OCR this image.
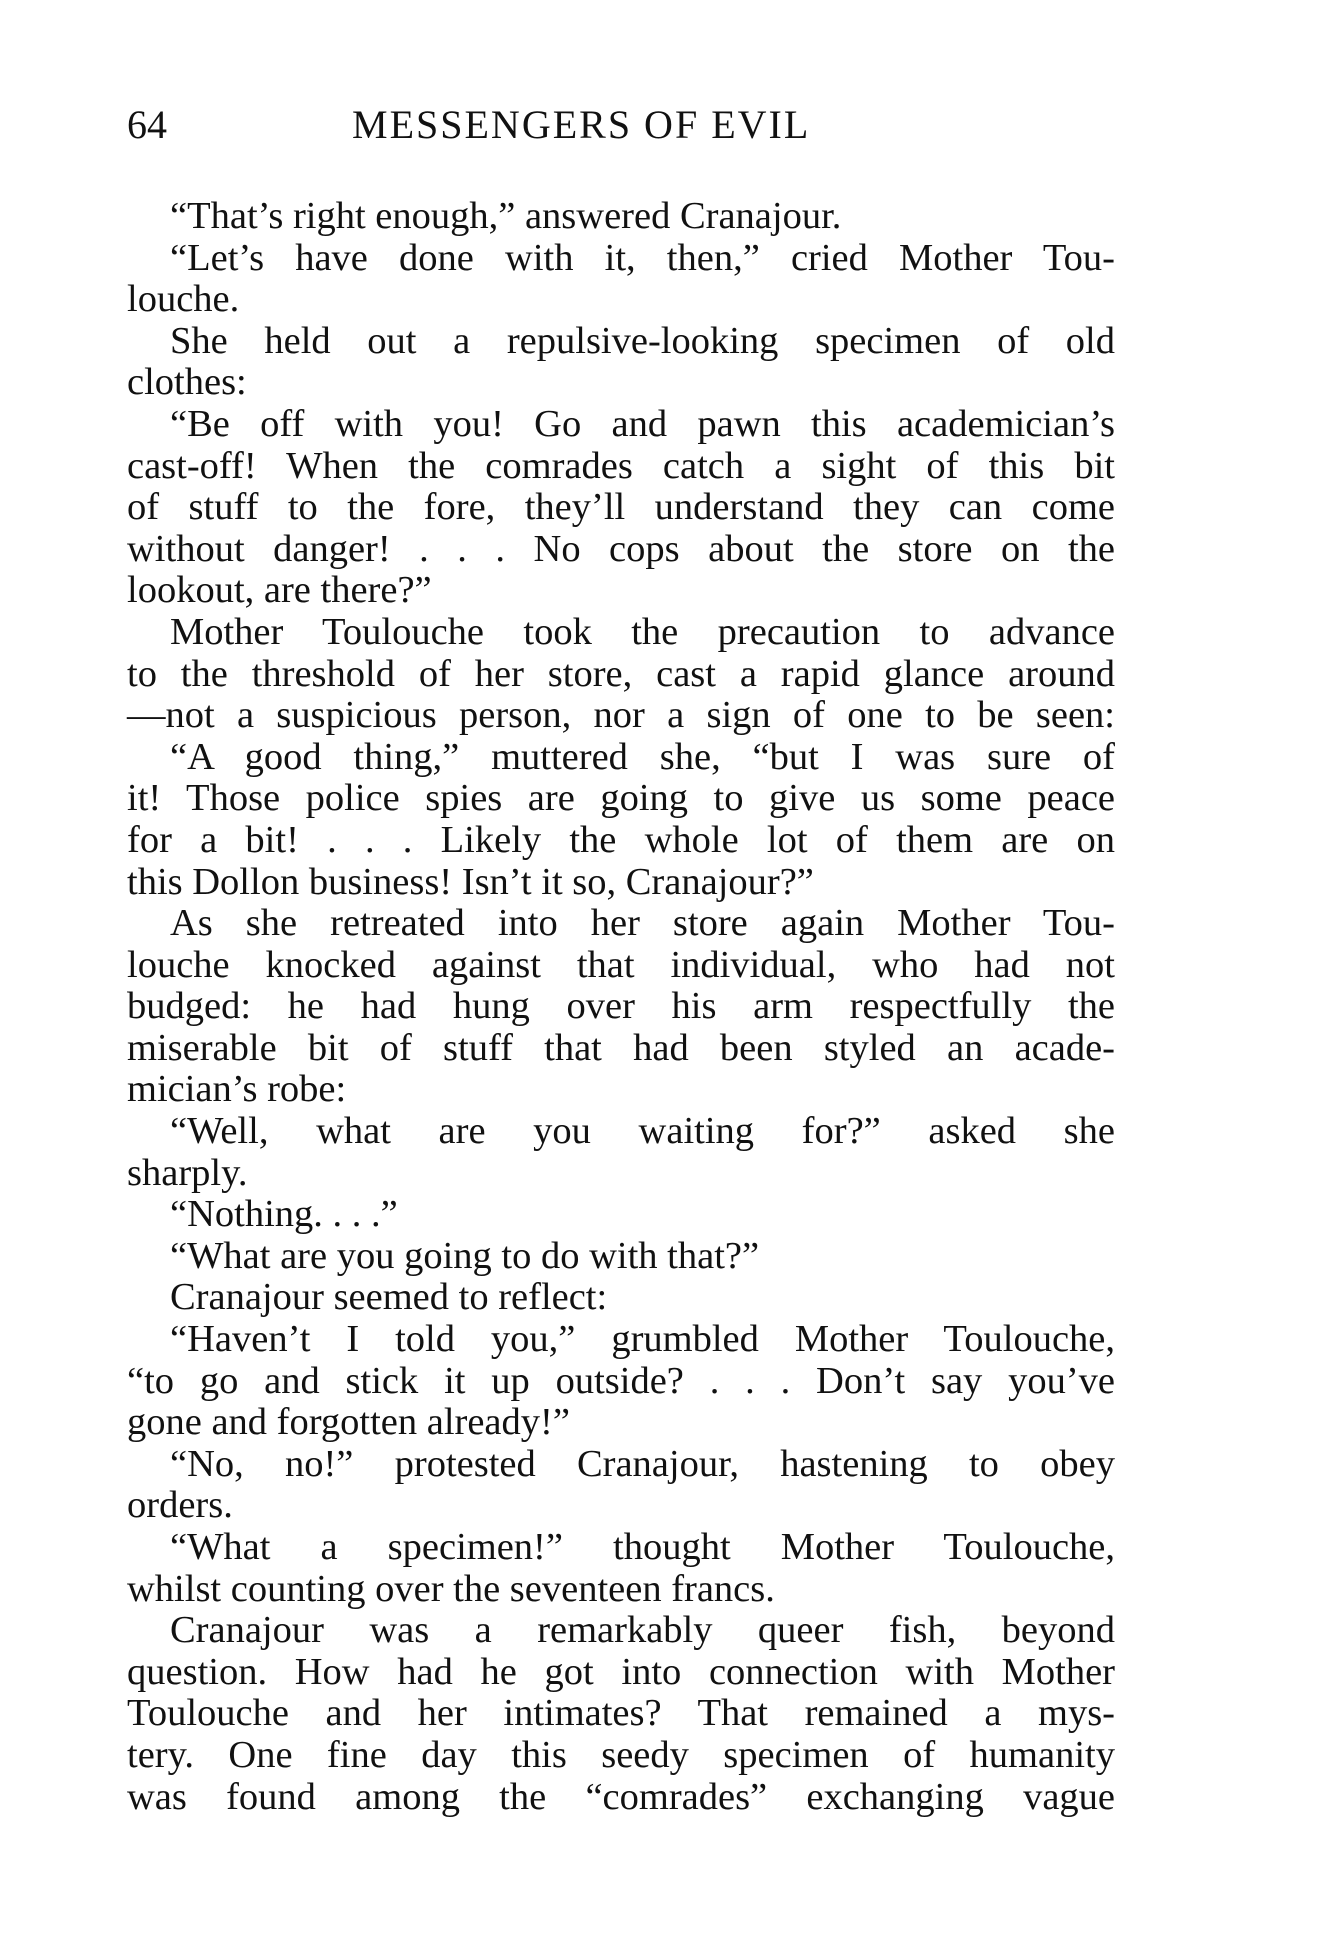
64	MESSENGERS OF EVIL
“That’s right enough,” answered Cranajour.
“Let’s have done with it, then,” cried Mother Tou-
louche.
She held out a repulsive-looking specimen of old
clothes:
“Be off with you! Go and pawn this academician’s
cast-off! When the comrades catch a sight of this bit
of stuff to the fore, they’ll understand they can come
without danger! . . . No cops about the store on the
lookout, are there?”
Mother Toulouche took the precaution to advance
to the threshold of her store, cast a rapid glance around
—not a suspicious person, nor a sign of one to be seen:
“A good thing,” muttered she, “but I was sure of
it! Those police spies are going to give us some peace
for a bit! . . . Likely the whole lot of them are on
this Dollon business! Isn’t it so, Cranajour?”
As she retreated into her store again Mother Tou-
louche knocked against that individual, who had not
budged: he had hung over his arm respectfully the
miserable bit of stuff that had been styled an acade-
mician’s robe:
“Well, what are you waiting for?” asked she
sharply.
“Nothing. . . .”
“What are you going to do with that?”
Cranajour seemed to reflect:
“Haven’t I told you,” grumbled Mother Toulouche,
“to go and stick it up outside? . . . Don’t say you’ve
gone and forgotten already!”
“No, no!” protested Cranajour, hastening to obey
orders.
“What a specimen!” thought Mother Toulouche,
whilst counting over the seventeen francs.
Cranajour was a remarkably queer fish, beyond
question. How had he got into connection with Mother
Toulouche and her intimates? That remained a mys-
tery. One fine day this seedy specimen of humanity
was found among the “comrades” exchanging vague
